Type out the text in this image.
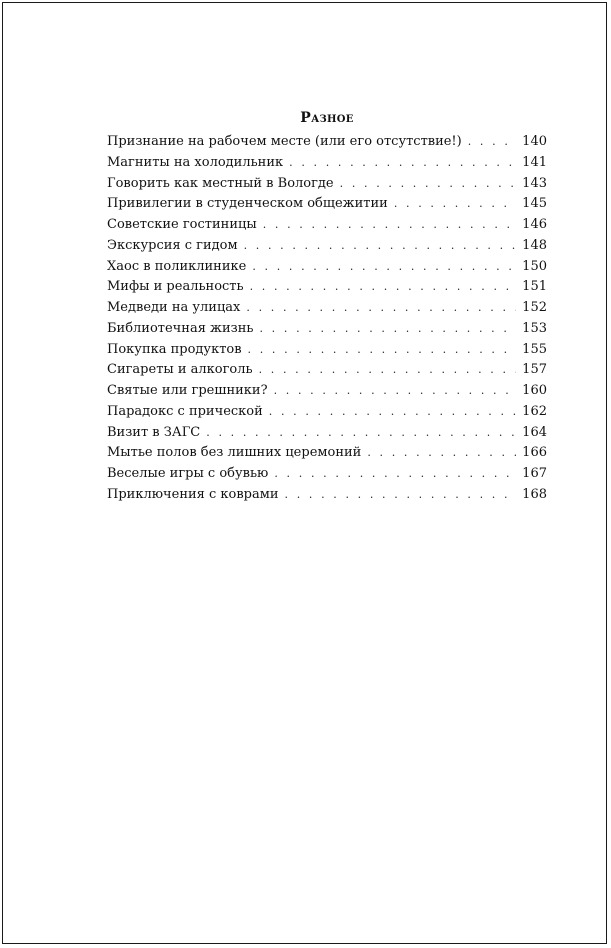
Разное
Признание на рабочем месте (или его отсутствие!) . . .	140
Магниты на холодильник . . .	141
Говорить как местный в Вологде . . .	143
Привилегии в студенческом общежитии . . .	145
Советские гостиницы . . .	146
Экскурсия с гидом . . .	148
Хаос в поликлинике . . .	150
Мифы и реальность . . .	151
Медведи на улицах . . .	152
Библиотечная жизнь . . .	153
Покупка продуктов . . .	155
Сигареты и алкоголь . . .	157
Святые или грешники? . . .	160
Парадокс с прической . . .	162
Визит в ЗАГС . . .	164
Мытье полов без лишних церемоний . . .	166
Веселые игры с обувью . . .	167
Приключения с коврами . . .	168
